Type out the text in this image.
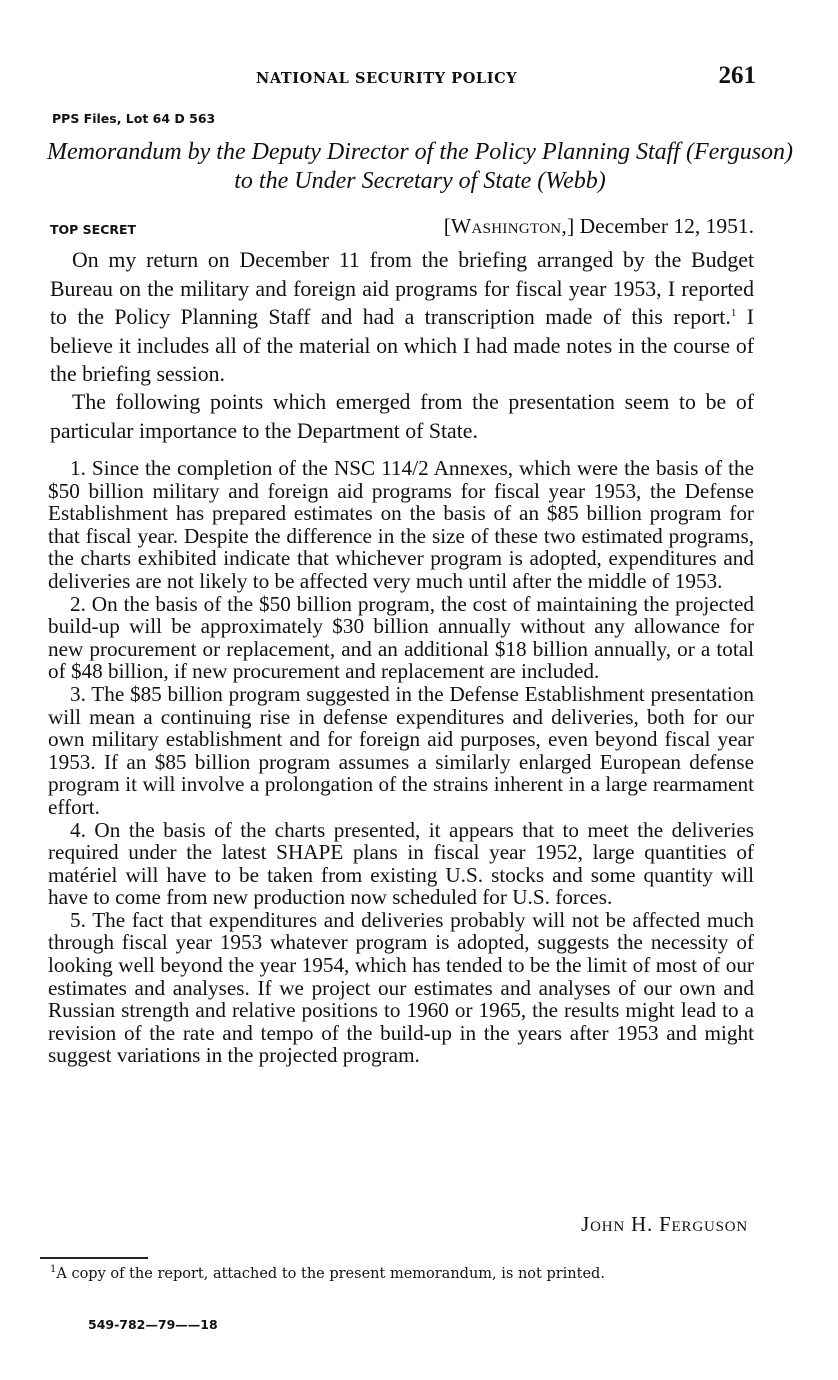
NATIONAL SECURITY POLICY	261
PPS Files, Lot 64 D 563
Memorandum by the Deputy Director of the Policy Planning Staff (Ferguson) to the Under Secretary of State (Webb)
TOP SECRET	[Washington,] December 12, 1951.

On my return on December 11 from the briefing arranged by the Budget Bureau on the military and foreign aid programs for fiscal year 1953, I reported to the Policy Planning Staff and had a transcription made of this report.$^1$ I believe it includes all of the material on which I had made notes in the course of the briefing session.

The following points which emerged from the presentation seem to be of particular importance to the Department of State.

1. Since the completion of the NSC 114/2 Annexes, which were the basis of the $50 billion military and foreign aid programs for fiscal year 1953, the Defense Establishment has prepared estimates on the basis of an $85 billion program for that fiscal year. Despite the difference in the size of these two estimated programs, the charts exhibited indicate that whichever program is adopted, expenditures and deliveries are not likely to be affected very much until after the middle of 1953.

2. On the basis of the $50 billion program, the cost of maintaining the projected build-up will be approximately $30 billion annually without any allowance for new procurement or replacement, and an additional $18 billion annually, or a total of $48 billion, if new procurement and replacement are included.

3. The $85 billion program suggested in the Defense Establishment presentation will mean a continuing rise in defense expenditures and deliveries, both for our own military establishment and for foreign aid purposes, even beyond fiscal year 1953. If an $85 billion program assumes a similarly enlarged European defense program it will involve a prolongation of the strains inherent in a large rearmament effort.

4. On the basis of the charts presented, it appears that to meet the deliveries required under the latest SHAPE plans in fiscal year 1952, large quantities of matériel will have to be taken from existing U.S. stocks and some quantity will have to come from new production now scheduled for U.S. forces.

5. The fact that expenditures and deliveries probably will not be affected much through fiscal year 1953 whatever program is adopted, suggests the necessity of looking well beyond the year 1954, which has tended to be the limit of most of our estimates and analyses. If we project our estimates and analyses of our own and Russian strength and relative positions to 1960 or 1965, the results might lead to a revision of the rate and tempo of the build-up in the years after 1953 and might suggest variations in the projected program.

John H. Ferguson
$^1$A copy of the report, attached to the present memorandum, is not printed.
549-782—79——18
